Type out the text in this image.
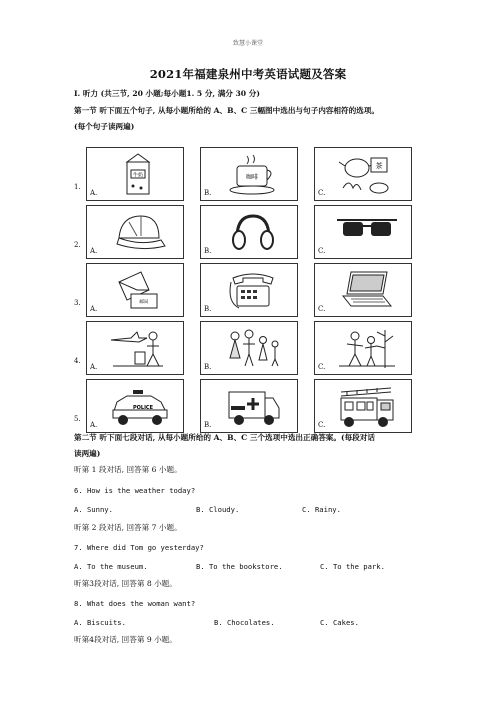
致慧小课堂
2021年福建泉州中考英语试题及答案
I. 听力 (共三节, 20 小题;每小题1. 5 分, 满分 30 分)
第一节 听下面五个句子, 从每小题所给的 A、B、C 三幅图中选出与句子内容相符的选项。
(每个句子读两遍)
1.
牛奶
A.
咖啡
B.
茶
C.
2.
A.	B.	C.
3.	邮局
A.	B.	C.
4.
A.	B.	C.
5.
POLICE
A.	B.	C.
第二节 听下面七段对话, 从每小题所给的 A、B、C 三个选项中选出正确答案。(每段对话
读两遍)
听第 1 段对话, 回答第 6 小题。
6. How is the weather today?
A. Sunny.	B. Cloudy.	C. Rainy.
听第 2 段对话, 回答第 7 小题。
7. Where did Tom go yesterday?
A. To the museum.	B. To the bookstore.	C. To the park.
听第3段对话, 回答第 8 小题。
8. What does the woman want?
A. Biscuits.	B. Chocolates.	C. Cakes.
听第4段对话, 回答第 9 小题。
